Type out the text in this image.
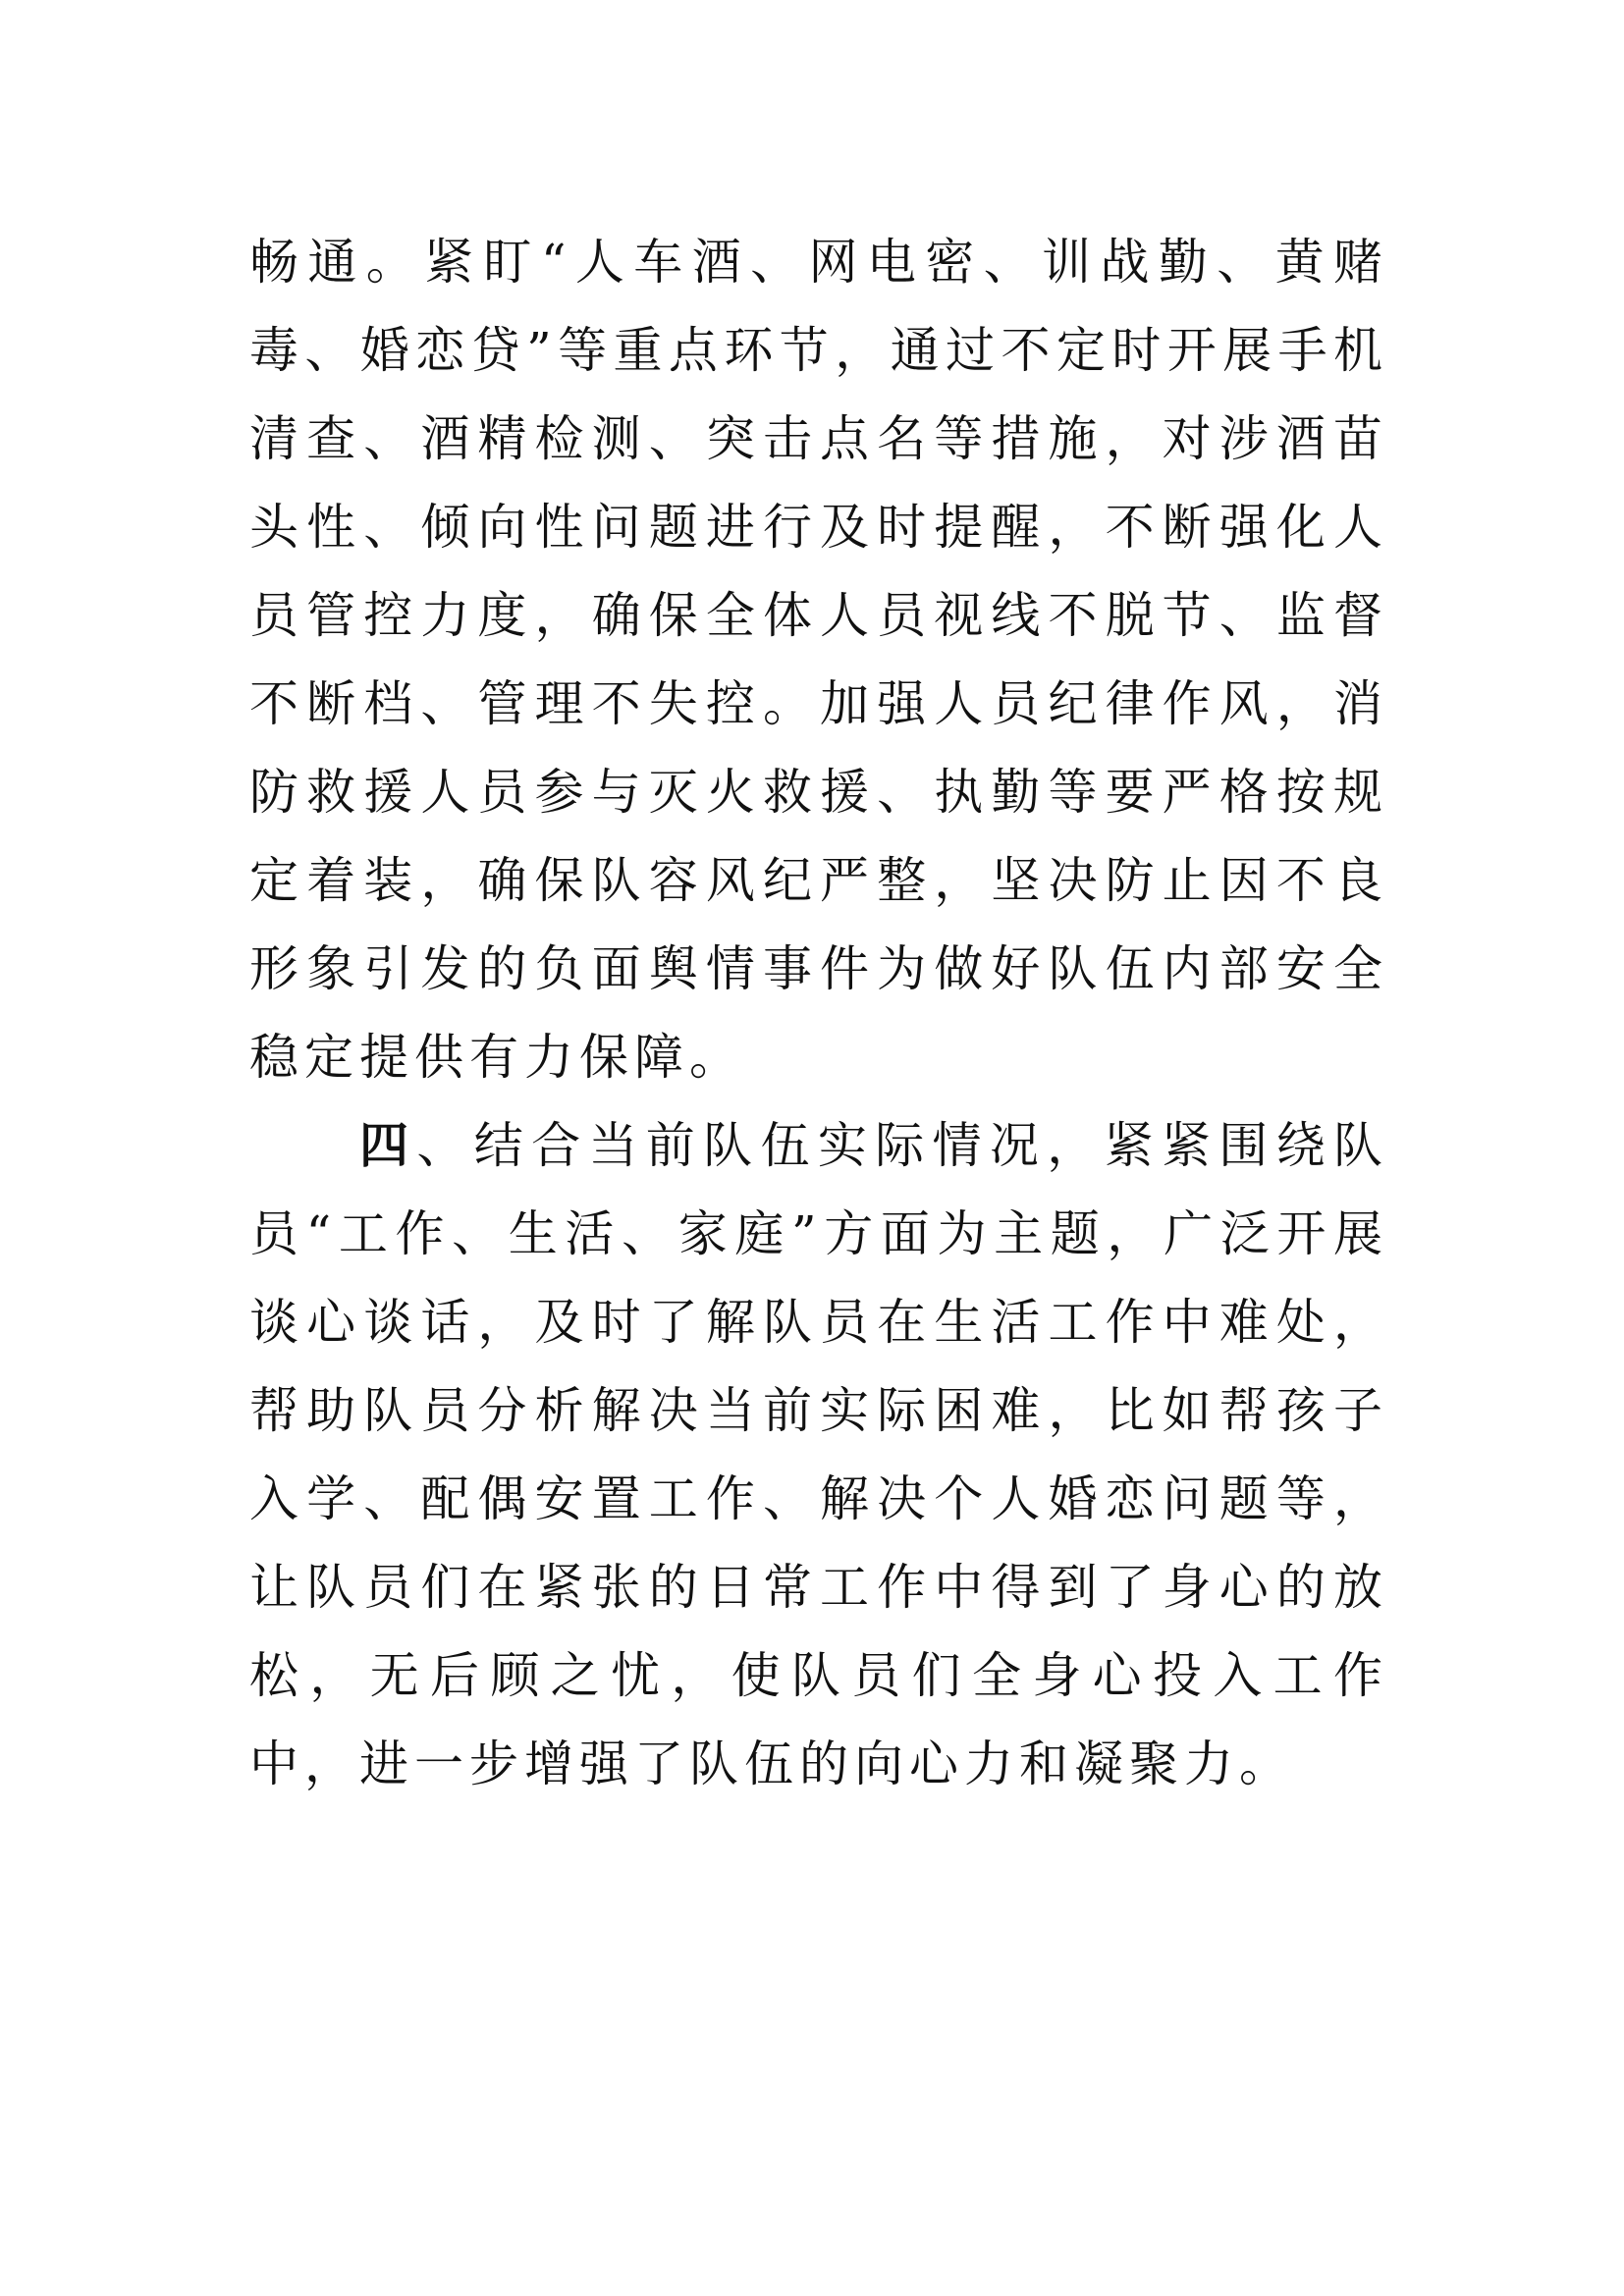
畅通。紧盯“人车酒、网电密、训战勤、黄赌毒、婚恋贷”等重点环节，通过不定时开展手机清查、酒精检测、突击点名等措施，对涉酒苗头性、倾向性问题进行及时提醒，不断强化人员管控力度，确保全体人员视线不脱节、监督不断档、管理不失控。加强人员纪律作风，消防救援人员参与灭火救援、执勤等要严格按规定着装，确保队容风纪严整，坚决防止因不良形象引发的负面舆情事件为做好队伍内部安全稳定提供有力保障。

四、结合当前队伍实际情况，紧紧围绕队员“工作、生活、家庭”方面为主题，广泛开展谈心谈话，及时了解队员在生活工作中难处，帮助队员分析解决当前实际困难，比如帮孩子入学、配偶安置工作、解决个人婚恋问题等，让队员们在紧张的日常工作中得到了身心的放松，无后顾之忧，使队员们全身心投入工作中，进一步增强了队伍的向心力和凝聚力。
